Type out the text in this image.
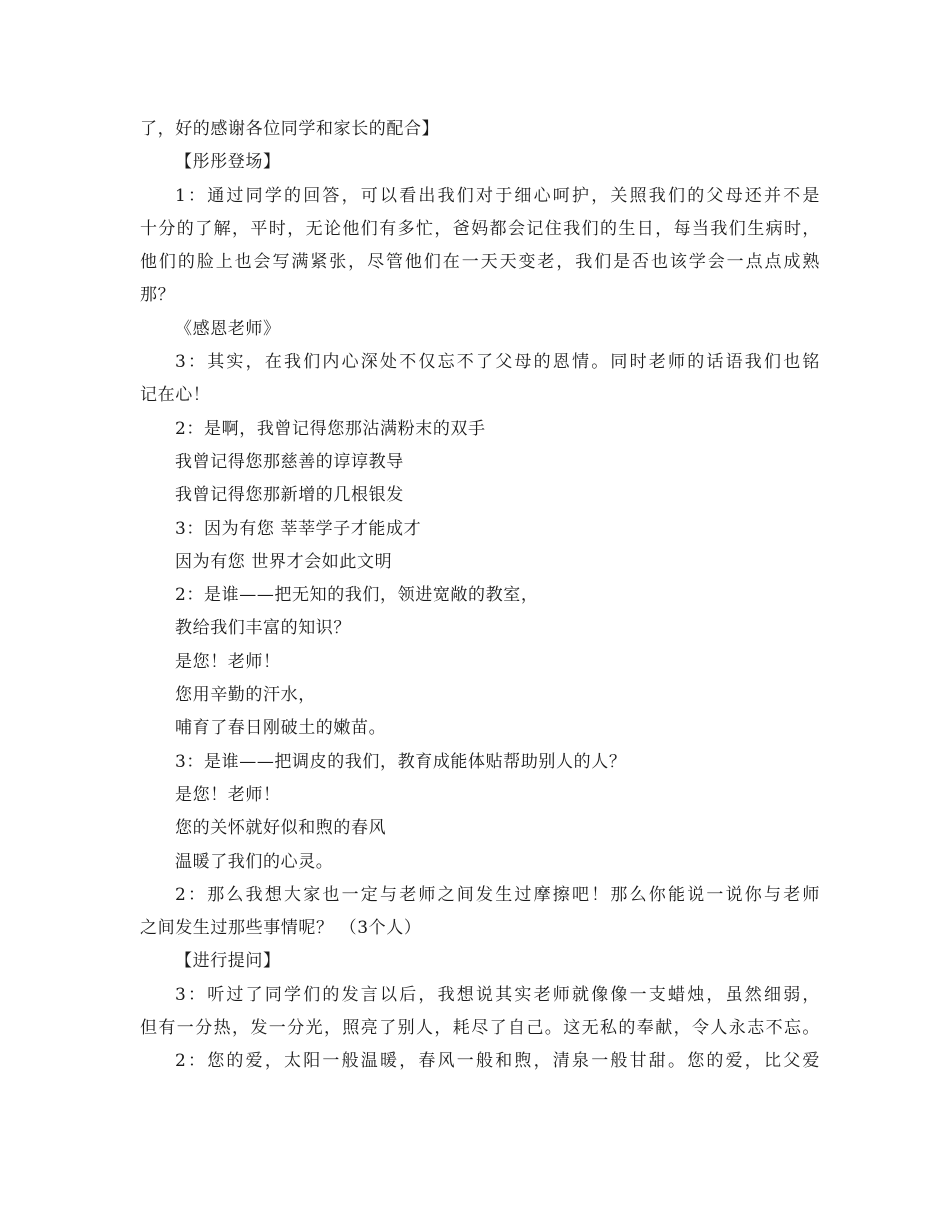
了，好的感谢各位同学和家长的配合】
【彤彤登场】
1：通过同学的回答，可以看出我们对于细心呵护，关照我们的父母还并不是
十分的了解，平时，无论他们有多忙，爸妈都会记住我们的生日，每当我们生病时，
他们的脸上也会写满紧张，尽管他们在一天天变老，我们是否也该学会一点点成熟
那？
《感恩老师》
3：其实，在我们内心深处不仅忘不了父母的恩情。同时老师的话语我们也铭
记在心！
2：是啊，我曾记得您那沾满粉末的双手
我曾记得您那慈善的谆谆教导
我曾记得您那新增的几根银发
3：因为有您 莘莘学子才能成才
因为有您 世界才会如此文明
2：是谁——把无知的我们，领进宽敞的教室，
教给我们丰富的知识？
是您！老师！
您用辛勤的汗水，
哺育了春日刚破土的嫩苗。
3：是谁——把调皮的我们，教育成能体贴帮助别人的人？
是您！老师！
您的关怀就好似和煦的春风
温暖了我们的心灵。
2：那么我想大家也一定与老师之间发生过摩擦吧！那么你能说一说你与老师
之间发生过那些事情呢？ （3个人）
【进行提问】
3：听过了同学们的发言以后，我想说其实老师就像像一支蜡烛，虽然细弱，
但有一分热，发一分光，照亮了别人，耗尽了自己。这无私的奉献，令人永志不忘。
2：您的爱，太阳一般温暖，春风一般和煦，清泉一般甘甜。您的爱，比父爱
